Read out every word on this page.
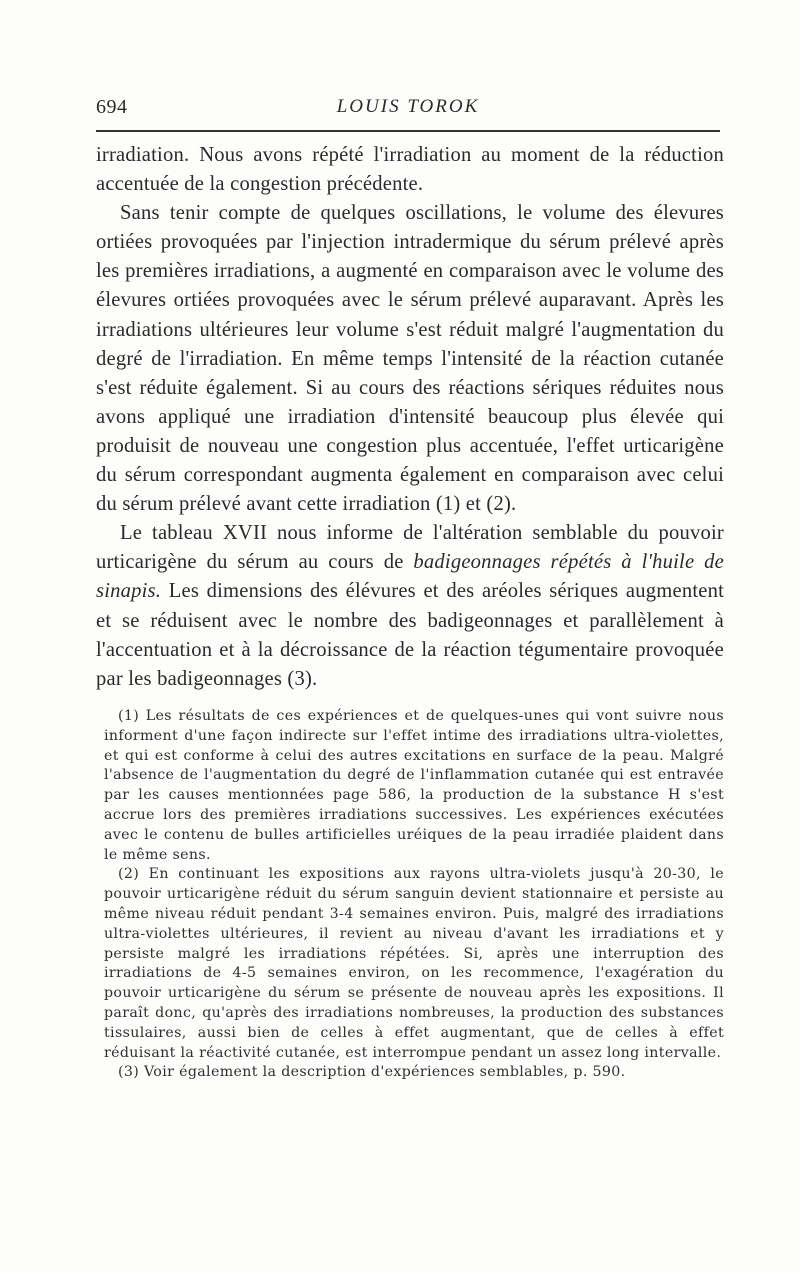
694	LOUIS TOROK

irradiation. Nous avons répété l'irradiation au moment de la réduction accentuée de la congestion précédente.

Sans tenir compte de quelques oscillations, le volume des élevures ortiées provoquées par l'injection intradermique du sérum prélevé après les premières irradiations, a augmenté en comparaison avec le volume des élevures ortiées provoquées avec le sérum prélevé auparavant. Après les irradiations ultérieures leur volume s'est réduit malgré l'augmentation du degré de l'irradiation. En même temps l'intensité de la réaction cutanée s'est réduite également. Si au cours des réactions sériques réduites nous avons appliqué une irradiation d'intensité beaucoup plus élevée qui produisit de nouveau une congestion plus accentuée, l'effet urticarigène du sérum correspondant augmenta également en comparaison avec celui du sérum prélevé avant cette irradiation (1) et (2).

Le tableau XVII nous informe de l'altération semblable du pouvoir urticarigène du sérum au cours de badigeonnages répétés à l'huile de sinapis. Les dimensions des élévures et des aréoles sériques augmentent et se réduisent avec le nombre des badigeonnages et parallèlement à l'accentuation et à la décroissance de la réaction tégumentaire provoquée par les badigeonnages (3).

(1) Les résultats de ces expériences et de quelques-unes qui vont suivre nous informent d'une façon indirecte sur l'effet intime des irradiations ultra-violettes, et qui est conforme à celui des autres excitations en surface de la peau. Malgré l'absence de l'augmentation du degré de l'inflammation cutanée qui est entravée par les causes mentionnées page 586, la production de la substance H s'est accrue lors des premières irradiations successives. Les expériences exécutées avec le contenu de bulles artificielles uréiques de la peau irradiée plaident dans le même sens.

(2) En continuant les expositions aux rayons ultra-violets jusqu'à 20-30, le pouvoir urticarigène réduit du sérum sanguin devient stationnaire et persiste au même niveau réduit pendant 3-4 semaines environ. Puis, malgré des irradiations ultra-violettes ultérieures, il revient au niveau d'avant les irradiations et y persiste malgré les irradiations répétées. Si, après une interruption des irradiations de 4-5 semaines environ, on les recommence, l'exagération du pouvoir urticarigène du sérum se présente de nouveau après les expositions. Il paraît donc, qu'après des irradiations nombreuses, la production des substances tissulaires, aussi bien de celles à effet augmentant, que de celles à effet réduisant la réactivité cutanée, est interrompue pendant un assez long intervalle.

(3) Voir également la description d'expériences semblables, p. 590.
